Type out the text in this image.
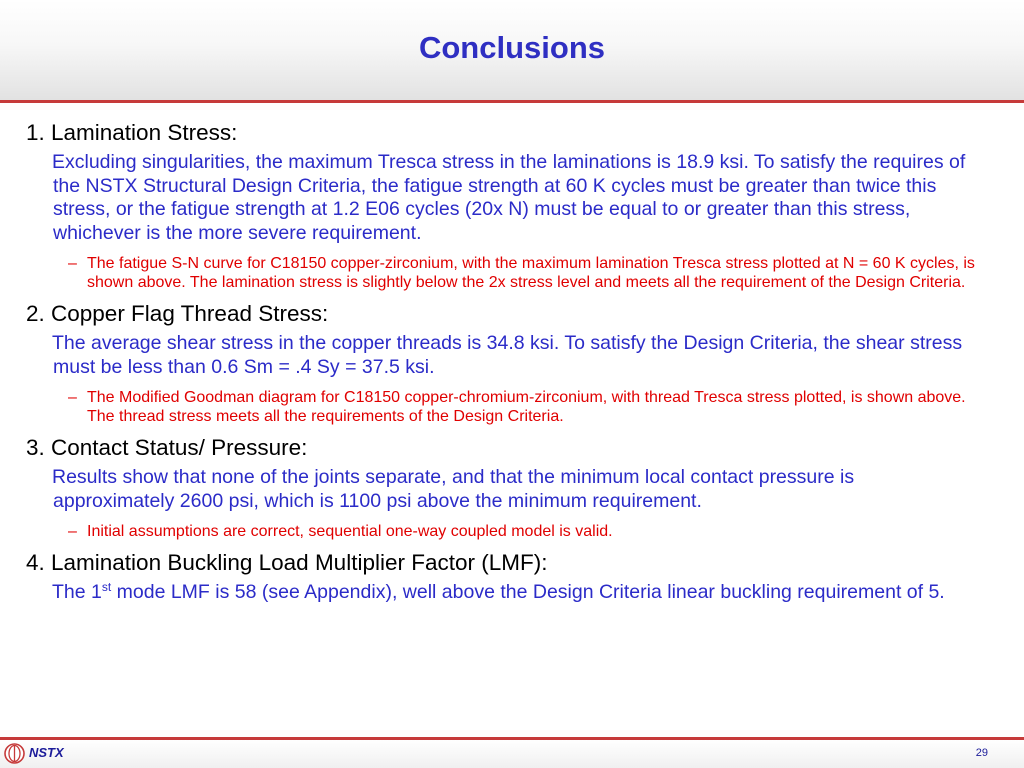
Conclusions
1. Lamination Stress:
Excluding singularities, the maximum Tresca stress in the laminations is 18.9 ksi. To satisfy the requires of the NSTX Structural Design Criteria, the fatigue strength at 60 K cycles must be greater than twice this stress, or the fatigue strength at 1.2 E06 cycles (20x N) must be equal to or greater than this stress, whichever is the more severe requirement.
– The fatigue S-N curve for C18150 copper-zirconium, with the maximum lamination Tresca stress plotted at N = 60 K cycles, is shown above. The lamination stress is slightly below the 2x stress level and meets all the requirement of the Design Criteria.
2. Copper Flag Thread Stress:
The average shear stress in the copper threads is 34.8 ksi. To satisfy the Design Criteria, the shear stress must be less than 0.6 Sm = .4 Sy = 37.5 ksi.
– The Modified Goodman diagram for C18150 copper-chromium-zirconium, with thread Tresca stress plotted, is shown above. The thread stress meets all the requirements of the Design Criteria.
3. Contact Status/ Pressure:
Results show that none of the joints separate, and that the minimum local contact pressure is approximately 2600 psi, which is 1100 psi above the minimum requirement.
– Initial assumptions are correct, sequential one-way coupled model is valid.
4. Lamination Buckling Load Multiplier Factor (LMF):
The 1st mode LMF is 58 (see Appendix), well above the Design Criteria linear buckling requirement of 5.
NSTX	29
